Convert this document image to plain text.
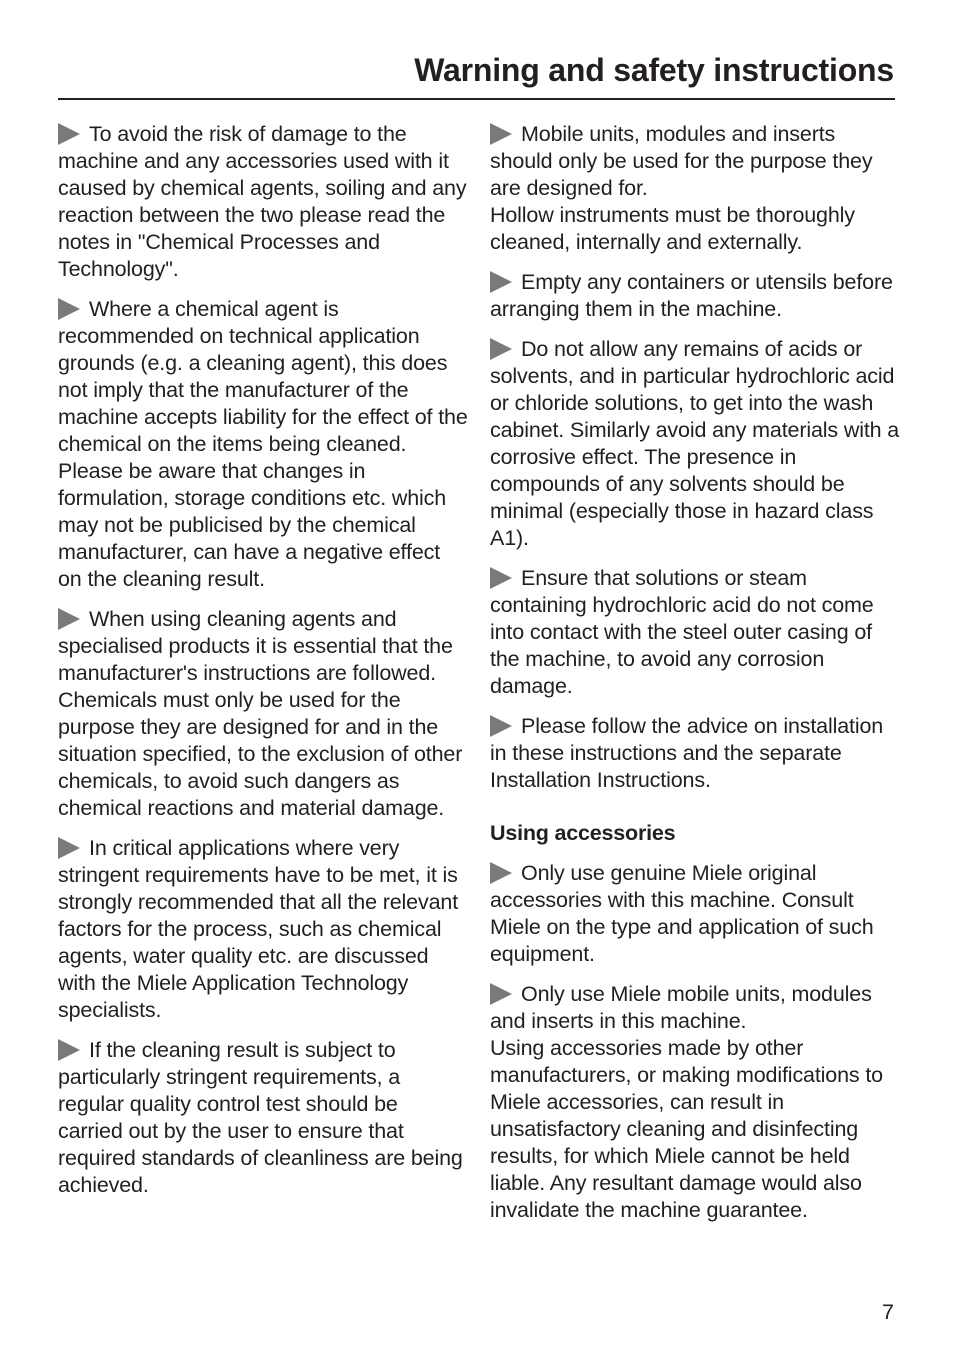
Warning and safety instructions

To avoid the risk of damage to the machine and any accessories used with it caused by chemical agents, soiling and any reaction between the two please read the notes in "Chemical Processes and Technology".

Where a chemical agent is recommended on technical application grounds (e.g. a cleaning agent), this does not imply that the manufacturer of the machine accepts liability for the effect of the chemical on the items being cleaned.

Please be aware that changes in formulation, storage conditions etc. which may not be publicised by the chemical manufacturer, can have a negative effect on the cleaning result.

When using cleaning agents and specialised products it is essential that the manufacturer's instructions are followed. Chemicals must only be used for the purpose they are designed for and in the situation specified, to the exclusion of other chemicals, to avoid such dangers as chemical reactions and material damage.

In critical applications where very stringent requirements have to be met, it is strongly recommended that all the relevant factors for the process, such as chemical agents, water quality etc. are discussed with the Miele Application Technology specialists.

If the cleaning result is subject to particularly stringent requirements, a regular quality control test should be carried out by the user to ensure that required standards of cleanliness are being achieved.

Mobile units, modules and inserts should only be used for the purpose they are designed for.

Hollow instruments must be thoroughly cleaned, internally and externally.

Empty any containers or utensils before arranging them in the machine.

Do not allow any remains of acids or solvents, and in particular hydrochloric acid or chloride solutions, to get into the wash cabinet. Similarly avoid any materials with a corrosive effect. The presence in compounds of any solvents should be minimal (especially those in hazard class A1).

Ensure that solutions or steam containing hydrochloric acid do not come into contact with the steel outer casing of the machine, to avoid any corrosion damage.

Please follow the advice on installation in these instructions and the separate Installation Instructions.

Using accessories

Only use genuine Miele original accessories with this machine. Consult Miele on the type and application of such equipment.

Only use Miele mobile units, modules and inserts in this machine.

Using accessories made by other manufacturers, or making modifications to Miele accessories, can result in unsatisfactory cleaning and disinfecting results, for which Miele cannot be held liable. Any resultant damage would also invalidate the machine guarantee.

7
